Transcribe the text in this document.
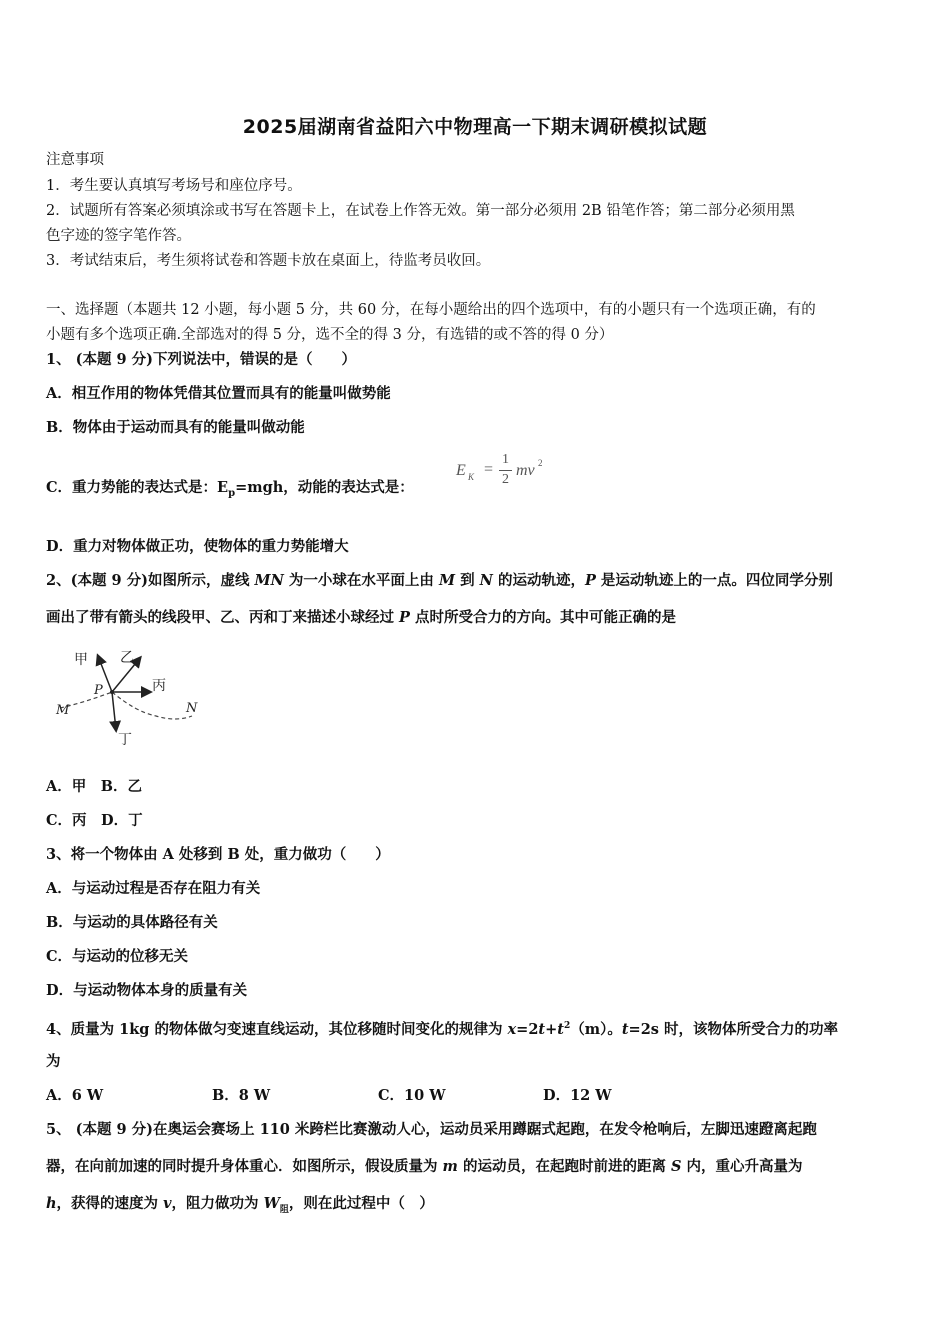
2025届湖南省益阳六中物理高一下期末调研模拟试题
注意事项
1．考生要认真填写考场号和座位序号。
2．试题所有答案必须填涂或书写在答题卡上，在试卷上作答无效。第一部分必须用 2B 铅笔作答；第二部分必须用黑
色字迹的签字笔作答。
3．考试结束后，考生须将试卷和答题卡放在桌面上，待监考员收回。
一、选择题（本题共 12 小题，每小题 5 分，共 60 分，在每小题给出的四个选项中，有的小题只有一个选项正确，有的
小题有多个选项正确.全部选对的得 5 分，选不全的得 3 分，有选错的或不答的得 0 分）
1、 (本题 9 分)下列说法中，错误的是（　　）
A．相互作用的物体凭借其位置而具有的能量叫做势能
B．物体由于运动而具有的能量叫做动能
C．重力势能的表达式是：$E_p=mgh$，动能的表达式是：
E K =
1
2
mv 2
D．重力对物体做正功，使物体的重力势能增大
2、(本题 9 分)如图所示，虚线 MN 为一小球在水平面上由 M 到 N 的运动轨迹，P 是运动轨迹上的一点。四位同学分别
画出了带有箭头的线段甲、乙、丙和丁来描述小球经过 P 点时所受合力的方向。其中可能正确的是
甲 乙
丙
丁
P
M	N
A．甲　B．乙
C．丙　D．丁
3、将一个物体由 A 处移到 B 处，重力做功（　　）
A．与运动过程是否存在阻力有关
B．与运动的具体路径有关
C．与运动的位移无关
D．与运动物体本身的质量有关
4、质量为 1kg 的物体做匀变速直线运动，其位移随时间变化的规律为 $x=2t+t^2(m)$。t=2s 时，该物体所受合力的功率
为
A．6 W	B．8 W	C．10 W	D．12 W
5、 (本题 9 分)在奥运会赛场上 110 米跨栏比赛激动人心，运动员采用蹲踞式起跑，在发令枪响后，左脚迅速蹬离起跑
器，在向前加速的同时提升身体重心．如图所示，假设质量为 m 的运动员，在起跑时前进的距离 S 内，重心升高量为
h，获得的速度为 v，阻力做功为 $W_阻$，则在此过程中（　）
